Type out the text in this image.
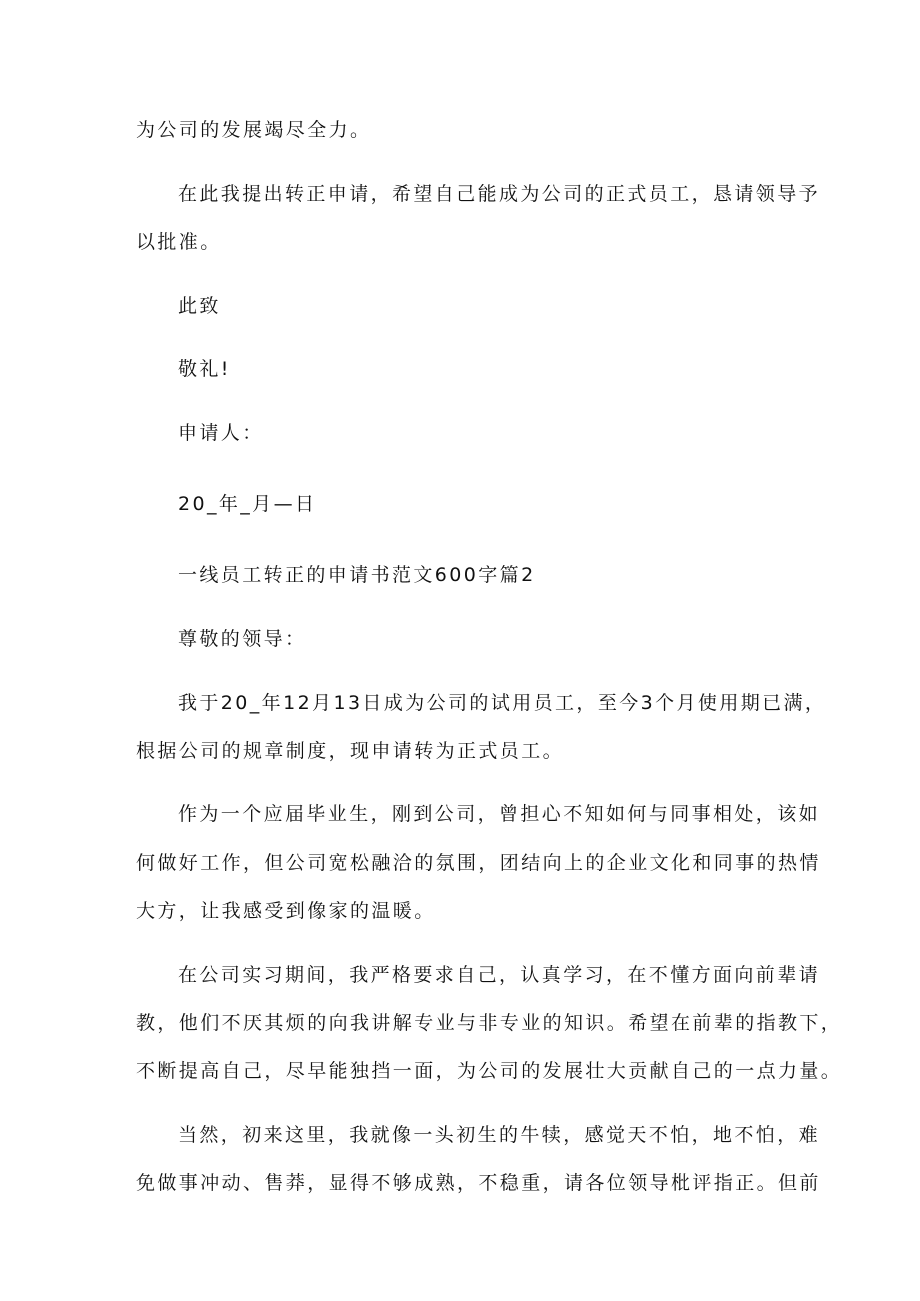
为公司的发展竭尽全力。
在此我提出转正申请，希望自己能成为公司的正式员工，恳请领导予
以批准。
此致
敬礼!
申请人：
20_年_月—日
一线员工转正的申请书范文600字篇2
尊敬的领导：
我于20_年12月13日成为公司的试用员工，至今3个月使用期已满，
根据公司的规章制度，现申请转为正式员工。
作为一个应届毕业生，刚到公司，曾担心不知如何与同事相处，该如
何做好工作，但公司宽松融洽的氛围，团结向上的企业文化和同事的热情
大方，让我感受到像家的温暖。
在公司实习期间，我严格要求自己，认真学习，在不懂方面向前辈请
教，他们不厌其烦的向我讲解专业与非专业的知识。希望在前辈的指教下，
不断提高自己，尽早能独挡一面，为公司的发展壮大贡献自己的一点力量。
当然，初来这里，我就像一头初生的牛犊，感觉天不怕，地不怕，难
免做事冲动、售莽，显得不够成熟，不稳重，请各位领导枇评指正。但前
